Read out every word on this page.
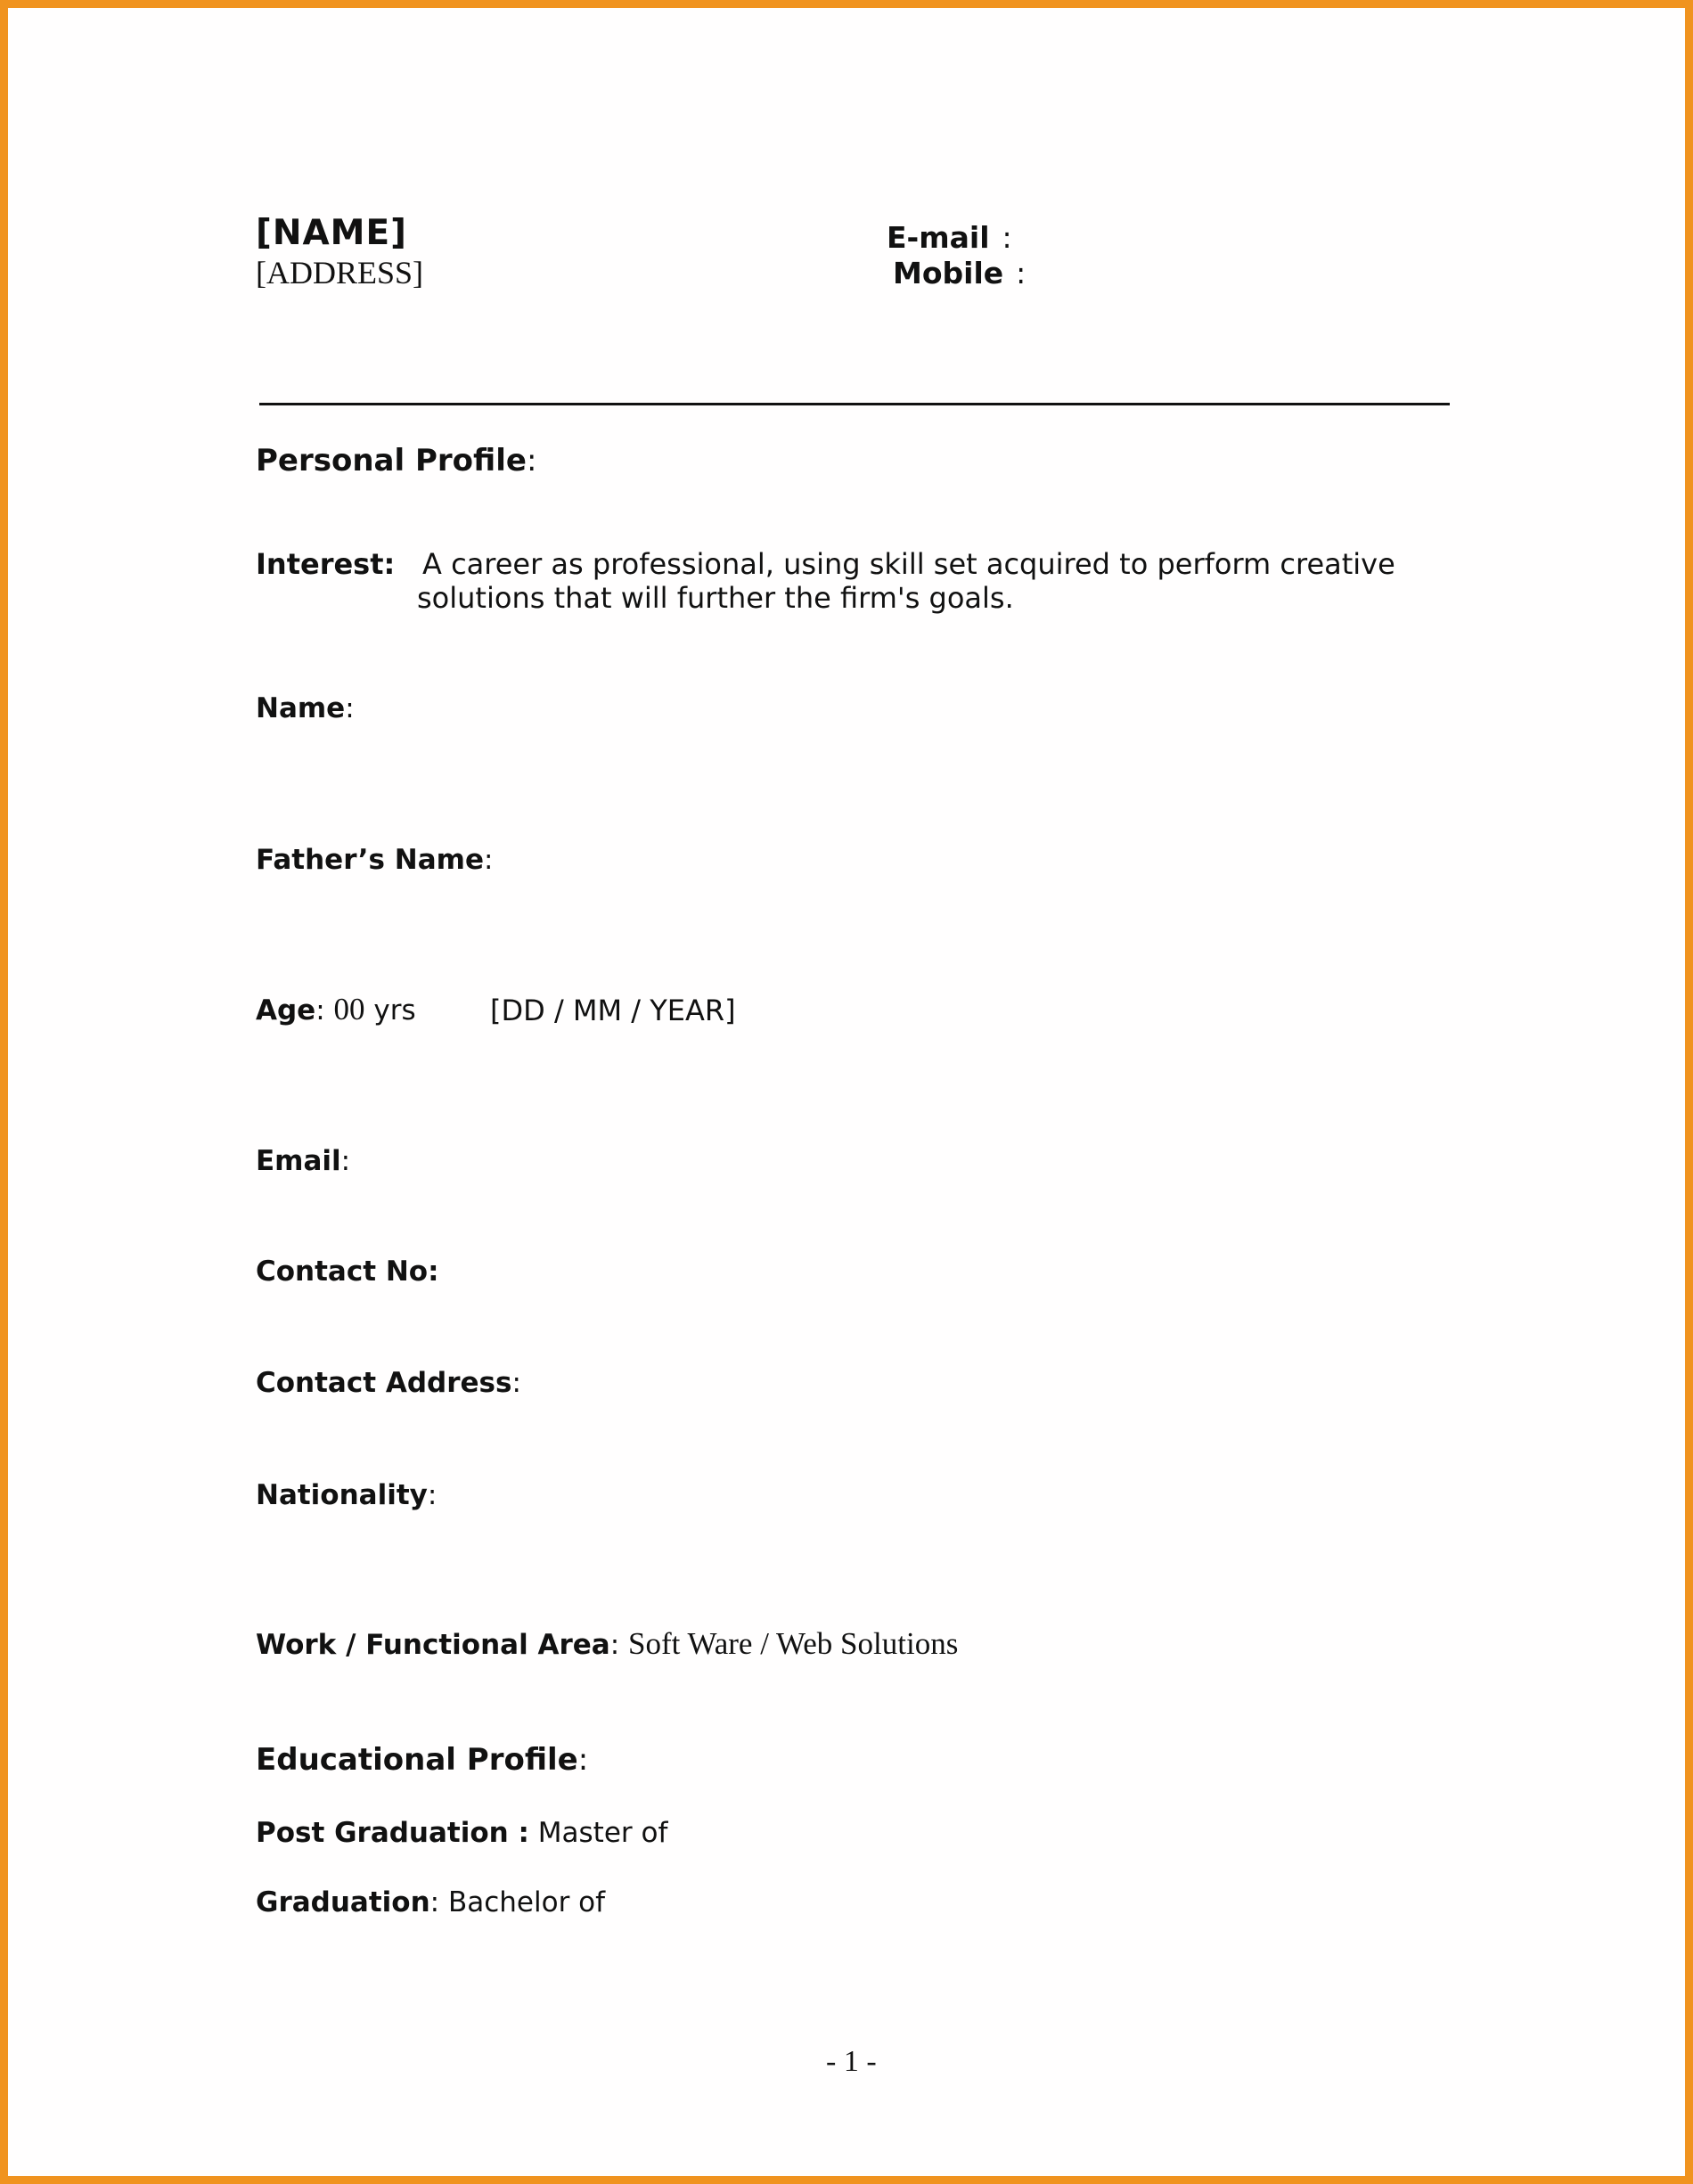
[NAME]
[ADDRESS]
E-mail :
Mobile :
Personal Profile:
Interest: A career as professional, using skill set acquired to perform creative
solutions that will further the firm's goals.
Name:
Father’s Name:
Age: 00 yrs	[DD / MM / YEAR]
Email:
Contact No:
Contact Address:
Nationality:
Work / Functional Area: Soft Ware / Web Solutions
Educational Profile:
Post Graduation : Master of
Graduation: Bachelor of
- 1 -
